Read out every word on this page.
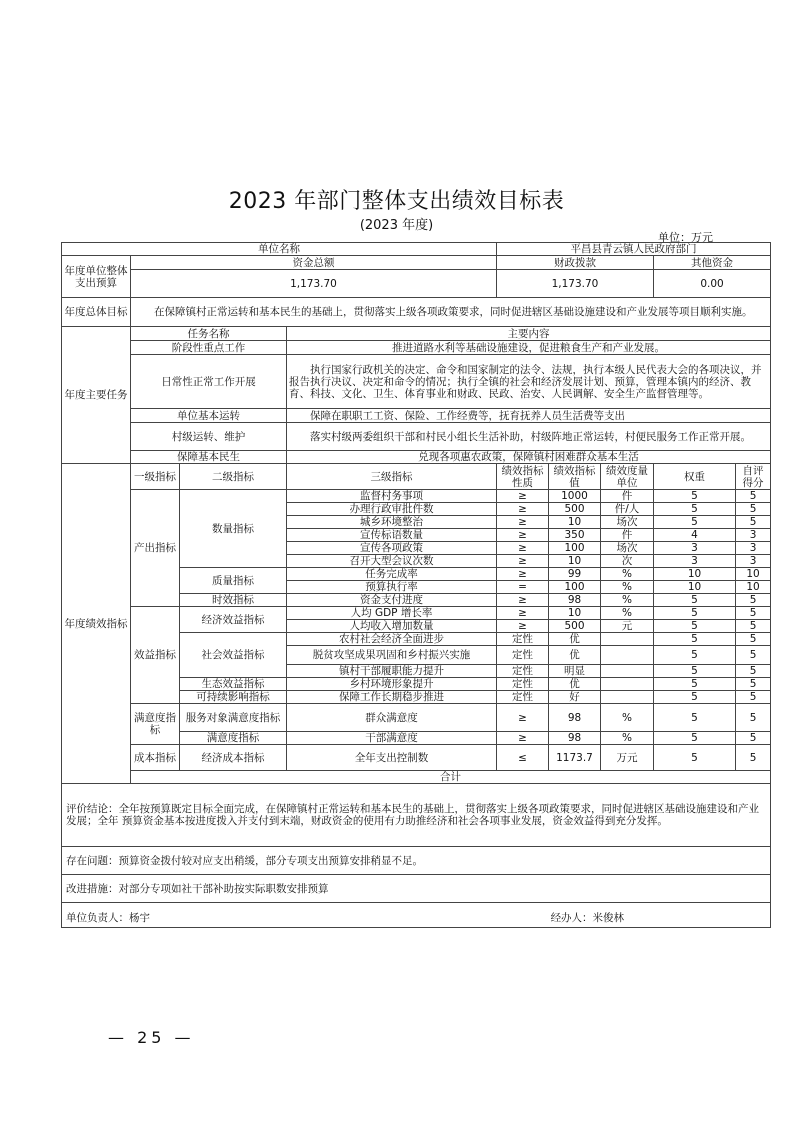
2023 年部门整体支出绩效目标表
(2023 年度)
单位：万元
单位名称				平昌县青云镇人民政府部门					
年度单位整体支出预算	资金总额			财政拨款			其他资金		
	1,173.70			1,173.70			0.00		
年度总体目标	在保障镇村正常运转和基本民生的基础上，贯彻落实上级各项政策要求，同时促进辖区基础设施建设和产业发展等项目顺利实施。								
年度主要任务	任务名称		主要内容						
	阶段性重点工作		推进道路水利等基础设施建设，促进粮食生产和产业发展。						
	日常性正常工作开展		执行国家行政机关的决定、命令和国家制定的法令、法规，执行本级人民代表大会的各项决议，并报告执行决议、决定和命令的情况；执行全镇的社会和经济发展计划、预算，管理本镇内的经济、教育、科技、文化、卫生、体育事业和财政、民政、治安、人民调解、安全生产监督管理等。						
	单位基本运转		保障在职职工工资、保险、工作经费等，抚育抚养人员生活费等支出						
	村级运转、维护		落实村级两委组织干部和村民小组长生活补助，村级阵地正常运转，村便民服务工作正常开展。						
	保障基本民生		兑现各项惠农政策，保障镇村困难群众基本生活						
年度绩效指标	一级指标	二级指标	三级指标	绩效指标性质	绩效指标值	绩效度量单位	权重	自评得分	
	产出指标	数量指标	监督村务事项	≥	1000	件	5	5	
			办理行政审批件数	≥	500	件/人	5	5	
			城乡环境整治	≥	10	场次	5	5	
			宣传标语数量	≥	350	件	4	3	
			宣传各项政策	≥	100	场次	3	3	
			召开大型会议次数	≥	10	次	3	3	
		质量指标	任务完成率	≥	99	%	10	10	
			预算执行率	=	100	%	10	10	
		时效指标	资金支付进度	≥	98	%	5	5	
	效益指标	经济效益指标	人均 GDP 增长率	≥	10	%	5	5	
			人均收入增加数量	≥	500	元	5	5	
		社会效益指标	农村社会经济全面进步	定性	优		5	5	
			脱贫攻坚成果巩固和乡村振兴实施	定性	优		5	5	
			镇村干部履职能力提升	定性	明显		5	5	
		生态效益指标	乡村环境形象提升	定性	优		5	5	
		可持续影响指标	保障工作长期稳步推进	定性	好		5	5	
	满意度指标	服务对象满意度指标	群众满意度	≥	98	%	5	5	
		满意度指标	干部满意度	≥	98	%	5	5	
	成本指标	经济成本指标	全年支出控制数	≤	1173.7	万元	5	5	
	合计	
评价结论：全年按预算既定目标全面完成，在保障镇村正常运转和基本民生的基础上，贯彻落实上级各项政策要求，同时促进辖区基础设施建设和产业发展；全年 预算资金基本按进度拨入并支付到末端，财政资金的使用有力助推经济和社会各项事业发展，资金效益得到充分发挥。									
存在问题：预算资金拨付较对应支出稍缓，部分专项支出预算安排稍显不足。									
改进措施：对部分专项如社干部补助按实际职数安排预算									

单位负责人：杨宇 经办人：米俊林									
— 25 —
